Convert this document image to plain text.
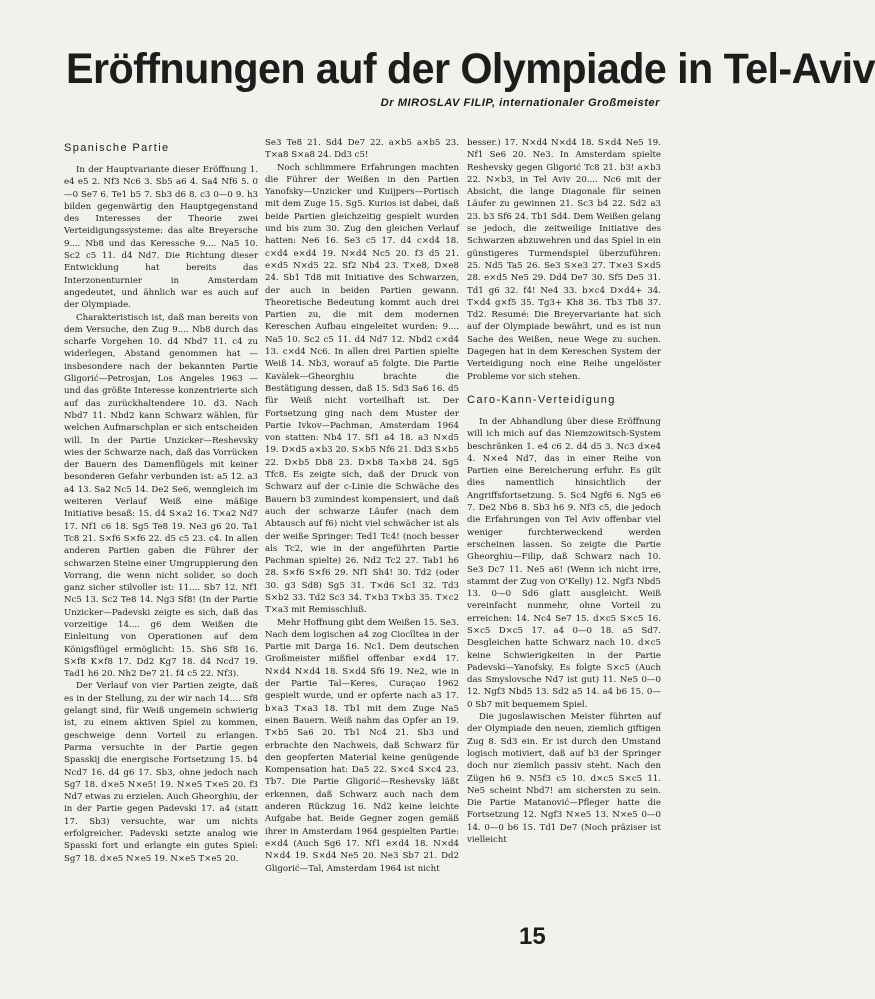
Eröffnungen auf der Olympiade in Tel-Aviv
Dr MIROSLAV FILIP, internationaler Großmeister
Spanische Partie

In der Hauptvariante dieser Eröffnung 1. e4 e5 2. Nf3 Nc6 3. Sb5 a6 4. Sa4 Nf6 5. 0—0 Se7 6. Te1 b5 7. Sb3 d6 8. c3 0—0 9. h3 bilden gegenwärtig den Hauptgegenstand des Interesses der Theorie zwei Verteidigungssysteme: das alte Breyersche 9.... Nb8 und das Keressche 9.... Na5 10. Sc2 c5 11. d4 Nd7. Die Richtung dieser Entwicklung hat bereits das Interzonenturnier in Amsterdam angedeutet, und ähnlich war es auch auf der Olympiade.

Charakteristisch ist, daß man bereits von dem Versuche, den Zug 9.... Nb8 durch das scharfe Vorgehen 10. d4 Nbd7 11. c4 zu widerlegen, Abstand genommen hat — insbesondere nach der bekannten Partie Gligorić—Petrosjan, Los Angeles 1963 — und das größte Interesse konzentrierte sich auf das zurückhaltendere 10. d3. Nach Nbd7 11. Nbd2 kann Schwarz wählen, für welchen Aufmarschplan er sich entscheiden will. In der Partie Unzicker—Reshevsky wies der Schwarze nach, daß das Vorrücken der Bauern des Damenflügels mit keiner besonderen Gefahr verbunden ist: a5 12. a3 a4 13. Sa2 Nc5 14. De2 Se6, wenngleich im weiteren Verlauf Weiß eine mäßige Initiative besaß: 15. d4 S×a2 16. T×a2 Nd7 17. Nf1 c6 18. Sg5 Te8 19. Ne3 g6 20. Ta1 Tc8 21. S×f6 S×f6 22. d5 c5 23. c4. In allen anderen Partien gaben die Führer der schwarzen Steine einer Umgruppierung den Vorrang, die wenn nicht solider, so doch ganz sicher stilvoller ist: 11.... Sb7 12. Nf1 Nc5 13. Sc2 Te8 14. Ng3 Sf8! (In der Partie Unzicker—Padevski zeigte es sich, daß das vorzeitige 14.... g6 dem Weißen die Einleitung von Operationen auf dem Königsflügel ermöglicht: 15. Sh6 Sf8 16. S×f8 K×f8 17. Dd2 Kg7 18. d4 Ncd7 19. Tad1 h6 20. Nh2 De7 21. f4 c5 22. Nf3).

Der Verlauf von vier Partien zeigte, daß es in der Stellung, zu der wir nach 14.... Sf8 gelangt sind, für Weiß ungemein schwierig ist, zu einem aktiven Spiel zu kommen, geschweige denn Vorteil zu erlangen. Parma versuchte in der Partie gegen Spasskij die energische Fortsetzung 15. b4 Ncd7 16. d4 g6 17. Sb3, ohne jedoch nach Sg7 18. d×e5 N×e5! 19. N×e5 T×e5 20. f3 Nd7 etwas zu erzielen. Auch Gheorghiu, der in der Partie gegen Padevski 17. a4 (statt 17. Sb3) versuchte, war um nichts erfolgreicher. Padevski setzte analog wie Spasski fort und erlangte ein gutes Spiel: Sg7 18. d×e5 N×e5 19. N×e5 T×e5 20.

Se3 Te8 21. Sd4 De7 22. a×b5 a×b5 23. T×a8 S×a8 24. Dd3 c5!

Noch schlimmere Erfahrungen machten die Führer der Weißen in den Partien Yanofsky—Unzicker und Kuijpers—Portisch mit dem Zuge 15. Sg5. Kurios ist dabei, daß beide Partien gleichzeitig gespielt wurden und bis zum 30. Zug den gleichen Verlauf hatten: Ne6 16. Se3 c5 17. d4 c×d4 18. c×d4 e×d4 19. N×d4 Nc5 20. f3 d5 21. e×d5 N×d5 22. Sf2 Nb4 23. T×e8, D×e8 24. Sb1 Td8 mit Initiative des Schwarzen, der auch in beiden Partien gewann. Theoretische Bedeutung kommt auch drei Partien zu, die mit dem modernen Kereschen Aufbau eingeleitet wurden: 9.... Na5 10. Sc2 c5 11. d4 Nd7 12. Nbd2 c×d4 13. c×d4 Nc6. In allen drei Partien spielte Weiß 14. Nb3, worauf a5 folgte. Die Partie Kavàlek—Gheorghiu brachte die Bestätigung dessen, daß 15. Sd3 Sa6 16. d5 für Weiß nicht vorteilhaft ist. Der Fortsetzung ging nach dem Muster der Partie Ivkov—Pachman, Amsterdam 1964 von statten: Nb4 17. Sf1 a4 18. a3 N×d5 19. D×d5 a×b3 20. S×b5 Nf6 21. Dd3 S×b5 22. D×b5 Db8 23. D×b8 Ta×b8 24. Sg5 Tfc8. Es zeigte sich, daß der Druck von Schwarz auf der c-Linie die Schwäche des Bauern b3 zumindest kompensiert, und daß auch der schwarze Läufer (nach dem Abtausch auf f6) nicht viel schwächer ist als der weiße Springer: Ted1 Tc4! (noch besser als Tc2, wie in der angeführten Partie Pachman spielte) 26. Nd2 Tc2 27. Tab1 h6 28. S×f6 S×f6 29. Nf1 Sh4! 30. Td2 (oder 30. g3 Sd8) Sg5 31. T×d6 Sc1 32. Td3 S×b2 33. Td2 Sc3 34. T×b3 T×b3 35. T×c2 T×a3 mit Remisschluß.

Mehr Hoffnung gibt dem Weißen 15. Se3. Nach dem logischen a4 zog Ciocîltea in der Partie mit Darga 16. Nc1. Dem deutschen Großmeister mißfiel offenbar e×d4 17. N×d4 N×d4 18. S×d4 Sf6 19. Ne2, wie in der Partie Tal—Keres, Curaçao 1962 gespielt wurde, und er opferte nach a3 17. b×a3 T×a3 18. Tb1 mit dem Zuge Na5 einen Bauern. Weiß nahm das Opfer an 19. T×b5 Sa6 20. Tb1 Nc4 21. Sb3 und erbrachte den Nachweis, daß Schwarz für den geopferten Material keine genügende Kompensation hat: Da5 22. S×c4 S×c4 23. Tb7. Die Partie Gligorić—Reshevsky läßt erkennen, daß Schwarz auch nach dem anderen Rückzug 16. Nd2 keine leichte Aufgabe hat. Beide Gegner zogen gemäß ihrer in Amsterdam 1964 gespielten Partie: e×d4 (Auch Sg6 17. Nf1 e×d4 18. N×d4 N×d4 19. S×d4 Ne5 20. Ne3 Sb7 21. Dd2 Gligorić—Tal, Amsterdam 1964 ist nicht

besser.) 17. N×d4 N×d4 18. S×d4 Ne5 19. Nf1 Se6 20. Ne3. In Amsterdam spielte Reshevsky gegen Gligorić Tc8 21. b3! a×b3 22. N×b3, in Tel Aviv 20.... Nc6 mit der Absicht, die lange Diagonale für seinen Läufer zu gewinnen 21. Sc3 b4 22. Sd2 a3 23. b3 Sf6 24. Tb1 Sd4. Dem Weißen gelang se jedoch, die zeitweilige Initiative des Schwarzen abzuwehren und das Spiel in ein günstigeres Turmendspiel überzuführen: 25. Nd5 Ta5 26. Se3 S×e3 27. T×e3 S×d5 28. e×d5 Ne5 29. Dd4 De7 30. Sf5 De5 31. Td1 g6 32. f4! Ne4 33. b×c4 D×d4+ 34. T×d4 g×f5 35. Tg3+ Kh8 36. Tb3 Tb8 37. Td2. Resumé: Die Breyervariante hat sich auf der Olympiade bewährt, und es ist nun Sache des Weißen, neue Wege zu suchen. Dagegen hat in dem Kereschen System der Verteidigung noch eine Reihe ungelöster Probleme vor sich stehen.

Caro-Kann-Verteidigung

In der Abhandlung über diese Eröffnung will ich mich auf das Niemzowitsch-System beschränken 1. e4 c6 2. d4 d5 3. Nc3 d×e4 4. N×e4 Nd7, das in einer Reihe von Partien eine Bereicherung erfuhr. Es gilt dies namentlich hinsichtlich der Angriffsfortsetzung. 5. Sc4 Ngf6 6. Ng5 e6 7. De2 Nb6 8. Sb3 h6 9. Nf3 c5, die jedoch die Erfahrungen von Tel Aviv offenbar viel weniger furchterweckend werden erscheinen lassen. So zeigte die Partie Gheorghiu—Filip, daß Schwarz nach 10. Se3 Dc7 11. Ne5 a6! (Wenn ich nicht irre, stammt der Zug von O'Kelly) 12. Ngf3 Nbd5 13. 0—0 Sd6 glatt ausgleicht. Weiß vereinfacht nunmehr, ohne Vorteil zu erreichen: 14. Nc4 Se7 15. d×c5 S×c5 16. S×c5 D×c5 17. a4 0—0 18. a5 Sd7. Desgleichen hatte Schwarz nach 10. d×c5 keine Schwierigkeiten in der Partie Padevski—Yanofsky. Es folgte S×c5 (Auch das Smyslovsche Nd7 ist gut) 11. Ne5 0—0 12. Ngf3 Nbd5 13. Sd2 a5 14. a4 b6 15. 0—0 Sb7 mit bequemem Spiel.

Die jugoslawischen Meister führten auf der Olympiade den neuen, ziemlich giftigen Zug 8. Sd3 ein. Er ist durch den Umstand logisch motiviert, daß auf b3 der Springer doch nur ziemlich passiv steht. Nach den Zügen h6 9. N5f3 c5 10. d×c5 S×c5 11. Ne5 scheint Nbd7! am sichersten zu sein. Die Partie Matanović—Pfleger hatte die Fortsetzung 12. Ngf3 N×e5 13. N×e5 0—0 14. 0—0 b6 15. Td1 De7 (Noch präziser ist vielleicht

15
